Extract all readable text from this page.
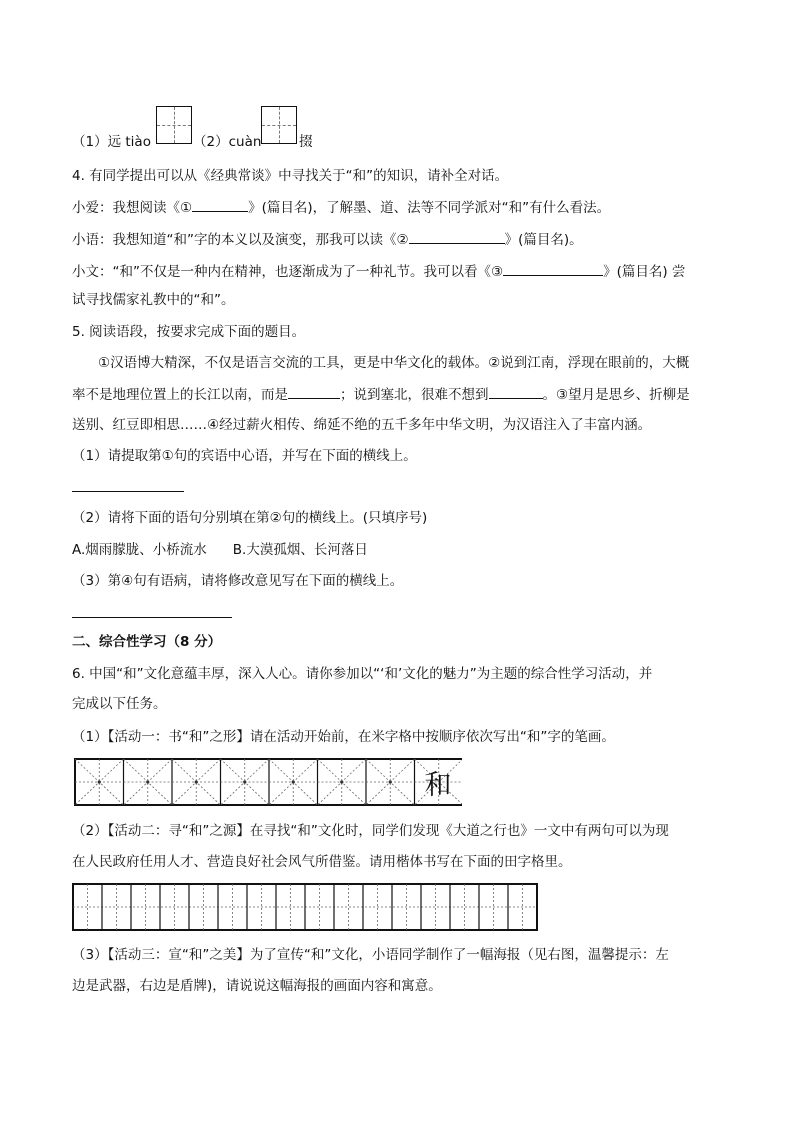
（1）远 tiào	（2）cuàn	掇
4. 有同学提出可以从《经典常谈》中寻找关于“和”的知识，请补全对话。
小爱：我想阅读《①	》(篇目名)，了解墨、道、法等不同学派对“和”有什么看法。
小语：我想知道“和”字的本义以及演变，那我可以读《②	》(篇目名)。
小文：“和”不仅是一种内在精神，也逐渐成为了一种礼节。我可以看《③	》(篇目名) 尝
试寻找儒家礼教中的“和”。
5. 阅读语段，按要求完成下面的题目。
①汉语博大精深，不仅是语言交流的工具，更是中华文化的载体。②说到江南，浮现在眼前的，大概
率不是地理位置上的长江以南，而是	；说到塞北，很难不想到	。③望月是思乡、折柳是
送别、红豆即相思……④经过薪火相传、绵延不绝的五千多年中华文明，为汉语注入了丰富内涵。
（1）请提取第①句的宾语中心语，并写在下面的横线上。
（2）请将下面的语句分别填在第②句的横线上。(只填序号)
A.烟雨朦胧、小桥流水 B.大漠孤烟、长河落日
（3）第④句有语病，请将修改意见写在下面的横线上。
二、综合性学习（8 分）
6. 中国“和”文化意蕴丰厚，深入人心。请你参加以“‘和’文化的魅力”为主题的综合性学习活动，并
完成以下任务。
（1）【活动一：书“和”之形】请在活动开始前，在米字格中按顺序依次写出“和”字的笔画。
和
（2）【活动二：寻“和”之源】在寻找“和”文化时，同学们发现《大道之行也》一文中有两句可以为现
在人民政府任用人才、营造良好社会风气所借鉴。请用楷体书写在下面的田字格里。
（3）【活动三：宣“和”之美】为了宣传“和”文化，小语同学制作了一幅海报（见右图，温馨提示：左
边是武器，右边是盾牌)，请说说这幅海报的画面内容和寓意。
